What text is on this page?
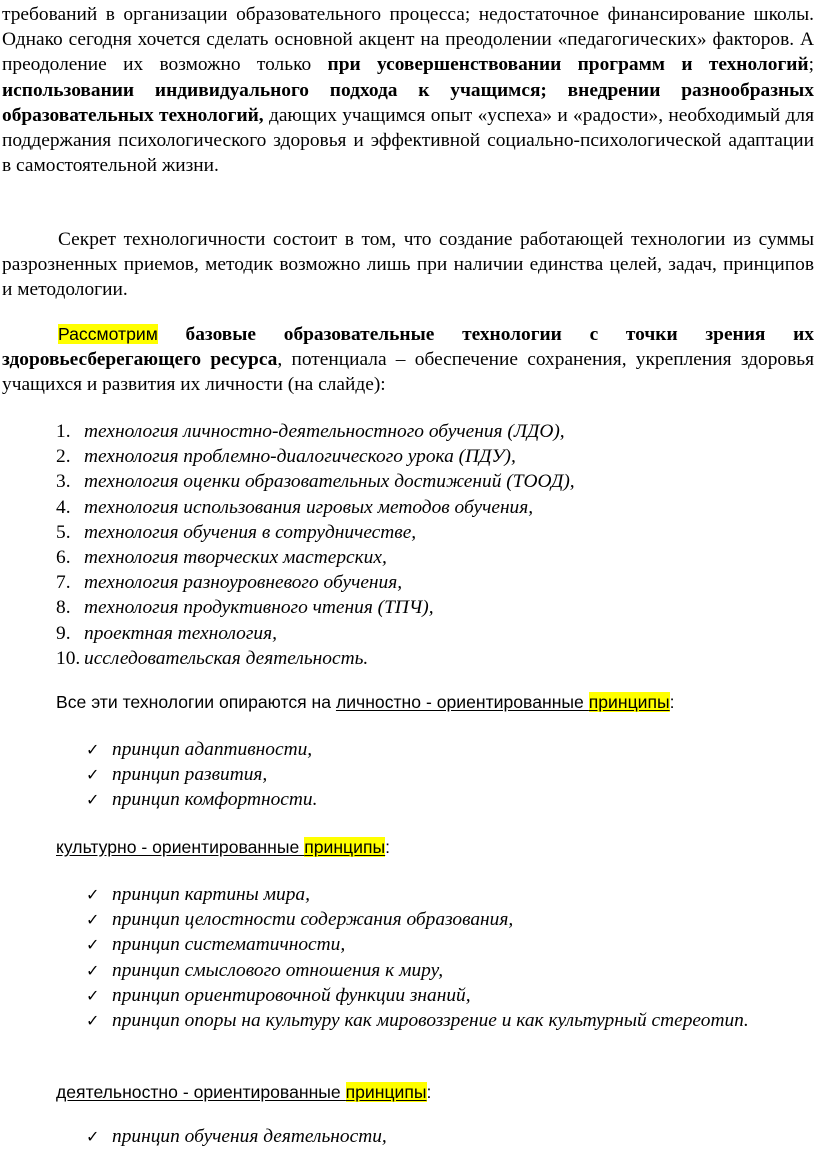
требований в организации образовательного процесса; недостаточное финансирование школы. Однако сегодня хочется сделать основной акцент на преодолении «педагогических» факторов. А преодоление их возможно только при усовершенствовании программ и технологий; использовании индивидуального подхода к учащимся; внедрении разнообразных образовательных технологий, дающих учащимся опыт «успеха» и «радости», необходимый для поддержания психологического здоровья и эффективной социально-психологической адаптации в самостоятельной жизни.

Секрет технологичности состоит в том, что создание работающей технологии из суммы разрозненных приемов, методик возможно лишь при наличии единства целей, задач, принципов и методологии.

Рассмотрим базовые образовательные технологии с точки зрения их здоровьесберегающего ресурса, потенциала – обеспечение сохранения, укрепления здоровья учащихся и развития их личности (на слайде):

1. технология личностно-деятельностного обучения (ЛДО),
2. технология проблемно-диалогического урока (ПДУ),
3. технология оценки образовательных достижений (ТООД),
4. технология использования игровых методов обучения,
5. технология обучения в сотрудничестве,
6. технология творческих мастерских,
7. технология разноуровневого обучения,
8. технология продуктивного чтения (ТПЧ),
9. проектная технология,
10. исследовательская деятельность.

Все эти технологии опираются на личностно - ориентированные принципы:

✓ принцип адаптивности,
✓ принцип развития,
✓ принцип комфортности.

культурно - ориентированные принципы:

✓ принцип картины мира,
✓ принцип целостности содержания образования,
✓ принцип систематичности,
✓ принцип смыслового отношения к миру,
✓ принцип ориентировочной функции знаний,
✓ принцип опоры на культуру как мировоззрение и как культурный стереотип.

деятельностно - ориентированные принципы:

✓ принцип обучения деятельности,
